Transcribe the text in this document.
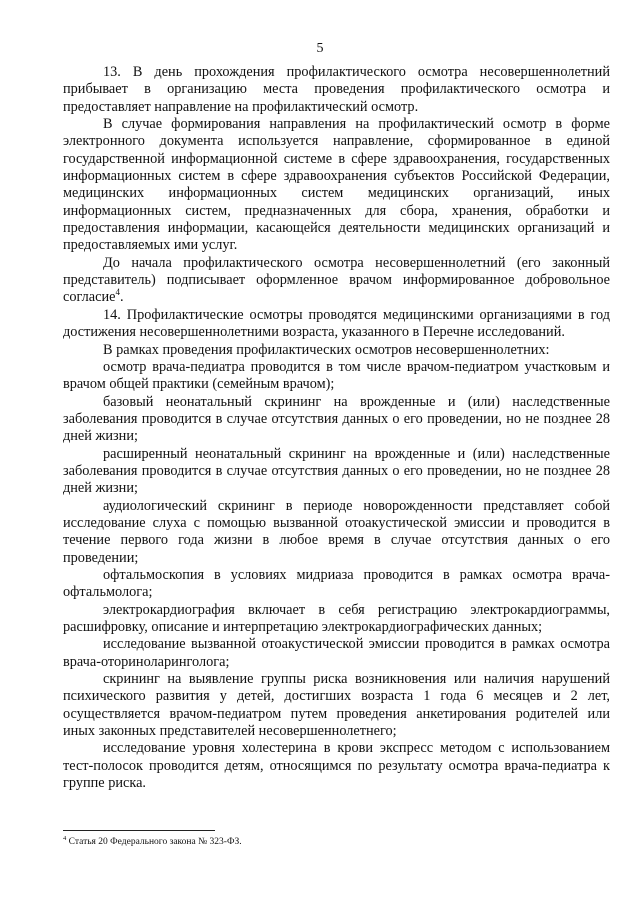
5

13. В день прохождения профилактического осмотра несовершеннолетний прибывает в организацию места проведения профилактического осмотра и предоставляет направление на профилактический осмотр.

В случае формирования направления на профилактический осмотр в форме электронного документа используется направление, сформированное в единой государственной информационной системе в сфере здравоохранения, государственных информационных систем в сфере здравоохранения субъектов Российской Федерации, медицинских информационных систем медицинских организаций, иных информационных систем, предназначенных для сбора, хранения, обработки и предоставления информации, касающейся деятельности медицинских организаций и предоставляемых ими услуг.

До начала профилактического осмотра несовершеннолетний (его законный представитель) подписывает оформленное врачом информированное добровольное согласие$^4$.

14. Профилактические осмотры проводятся медицинскими организациями в год достижения несовершеннолетними возраста, указанного в Перечне исследований.

В рамках проведения профилактических осмотров несовершеннолетних:

осмотр врача-педиатра проводится в том числе врачом-педиатром участковым и врачом общей практики (семейным врачом);

базовый неонатальный скрининг на врожденные и (или) наследственные заболевания проводится в случае отсутствия данных о его проведении, но не позднее 28 дней жизни;

расширенный неонатальный скрининг на врожденные и (или) наследственные заболевания проводится в случае отсутствия данных о его проведении, но не позднее 28 дней жизни;

аудиологический скрининг в периоде новорожденности представляет собой исследование слуха с помощью вызванной отоакустической эмиссии и проводится в течение первого года жизни в любое время в случае отсутствия данных о его проведении;

офтальмоскопия в условиях мидриаза проводится в рамках осмотра врача-офтальмолога;

электрокардиография включает в себя регистрацию электрокардиограммы, расшифровку, описание и интерпретацию электрокардиографических данных;

исследование вызванной отоакустической эмиссии проводится в рамках осмотра врача-оториноларинголога;

скрининг на выявление группы риска возникновения или наличия нарушений психического развития у детей, достигших возраста 1 года 6 месяцев и 2 лет, осуществляется врачом-педиатром путем проведения анкетирования родителей или иных законных представителей несовершеннолетнего;

исследование уровня холестерина в крови экспресс методом с использованием тест-полосок проводится детям, относящимся по результату осмотра врача-педиатра к группе риска.

$^4$ Статья 20 Федерального закона № 323-ФЗ.
